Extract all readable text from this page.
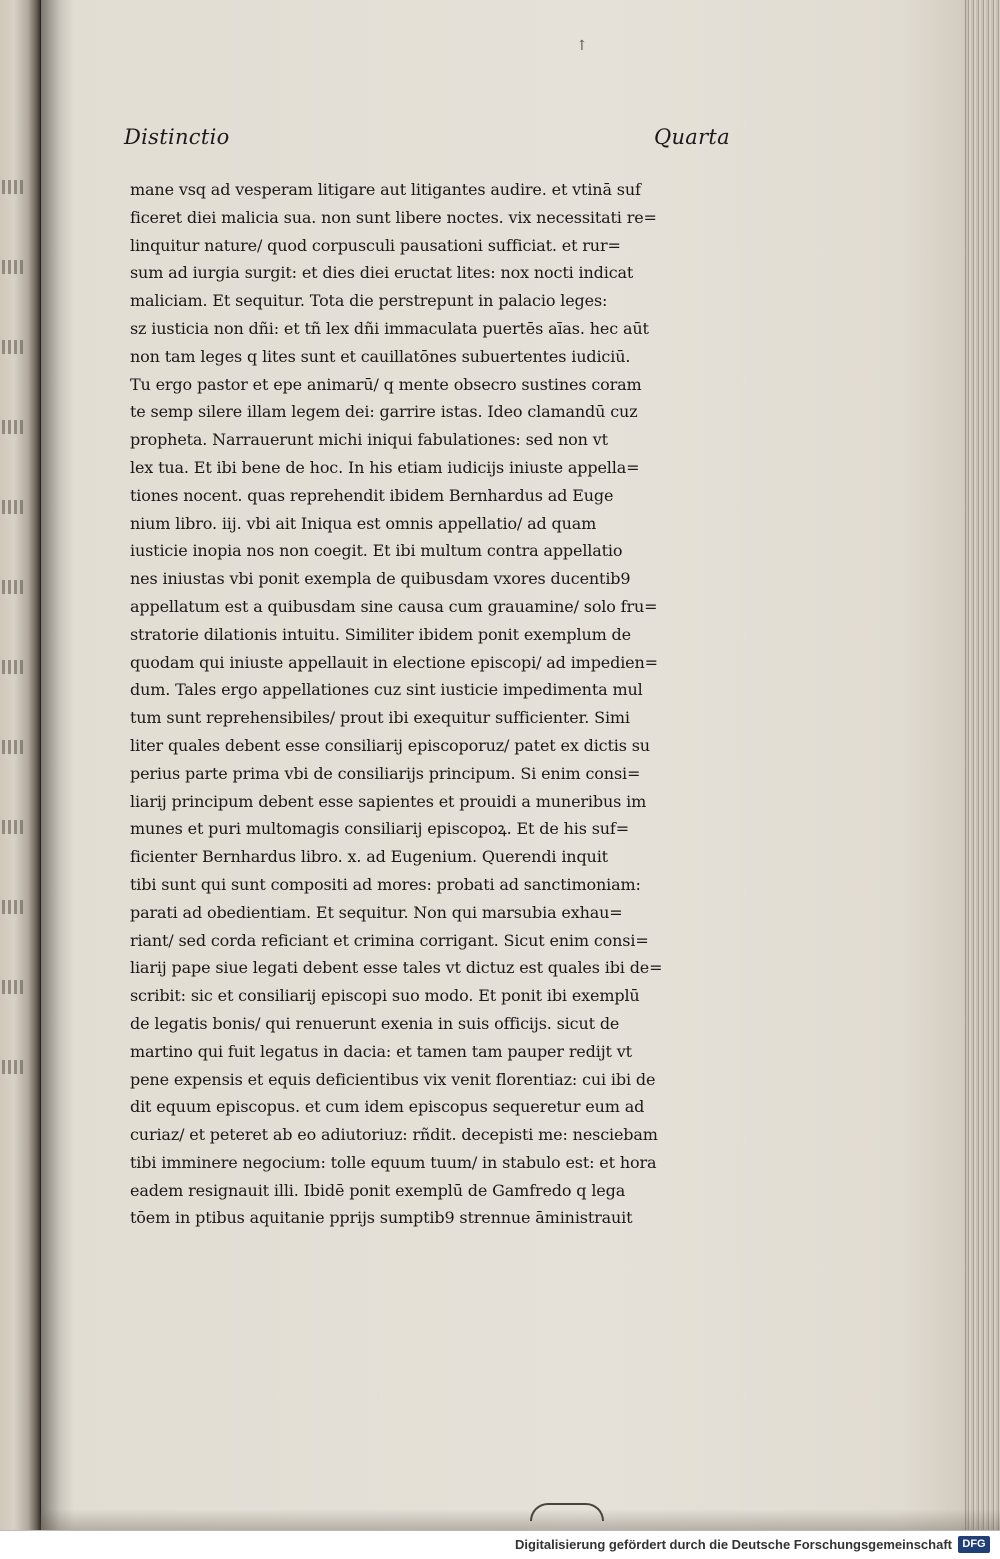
↑
Distinctio	Quarta
mane vsq ad vesperam litigare aut litigantes audire. et vtinā suf
ficeret diei malicia sua. non sunt libere noctes. vix necessitati re=
linquitur nature/ quod corpusculi pausationi sufficiat. et rur=
sum ad iurgia surgit: et dies diei eructat lites: nox nocti indicat
maliciam. Et sequitur. Tota die perstrepunt in palacio leges:
sz iusticia non dñi: et tñ lex dñi immaculata puertēs aīas. hec aūt
non tam leges q lites sunt et cauillatōnes subuertentes iudiciū.
Tu ergo pastor et epe animarū/ q mente obsecro sustines coram
te semp silere illam legem dei: garrire istas. Ideo clamandū cuz
propheta. Narrauerunt michi iniqui fabulationes: sed non vt
lex tua. Et ibi bene de hoc. In his etiam iudicijs iniuste appella=
tiones nocent. quas reprehendit ibidem Bernhardus ad Euge
nium libro. iij. vbi ait Iniqua est omnis appellatio/ ad quam
iusticie inopia nos non coegit. Et ibi multum contra appellatio
nes iniustas vbi ponit exempla de quibusdam vxores ducentib9
appellatum est a quibusdam sine causa cum grauamine/ solo fru=
stratorie dilationis intuitu. Similiter ibidem ponit exemplum de
quodam qui iniuste appellauit in electione episcopi/ ad impedien=
dum. Tales ergo appellationes cuz sint iusticie impedimenta mul
tum sunt reprehensibiles/ prout ibi exequitur sufficienter. Simi
liter quales debent esse consiliarij episcoporuz/ patet ex dictis su
perius parte prima vbi de consiliarijs principum. Si enim consi=
liarij principum debent esse sapientes et prouidi a muneribus im
munes et puri multomagis consiliarij episcopoꝝ. Et de his suf=
ficienter Bernhardus libro. x. ad Eugenium. Querendi inquit
tibi sunt qui sunt compositi ad mores: probati ad sanctimoniam:
parati ad obedientiam. Et sequitur. Non qui marsubia exhau=
riant/ sed corda reficiant et crimina corrigant. Sicut enim consi=
liarij pape siue legati debent esse tales vt dictuz est quales ibi de=
scribit: sic et consiliarij episcopi suo modo. Et ponit ibi exemplū
de legatis bonis/ qui renuerunt exenia in suis officijs. sicut de
martino qui fuit legatus in dacia: et tamen tam pauper redijt vt
pene expensis et equis deficientibus vix venit florentiaz: cui ibi de
dit equum episcopus. et cum idem episcopus sequeretur eum ad
curiaz/ et peteret ab eo adiutoriuz: rñdit. decepisti me: nesciebam
tibi imminere negocium: tolle equum tuum/ in stabulo est: et hora
eadem resignauit illi. Ibidē ponit exemplū de Gamfredo q lega
tōem in ptibus aquitanie pprijs sumptib9 strennue āministrauit
Digitalisierung gefördert durch die Deutsche Forschungsgemeinschaft DFG
